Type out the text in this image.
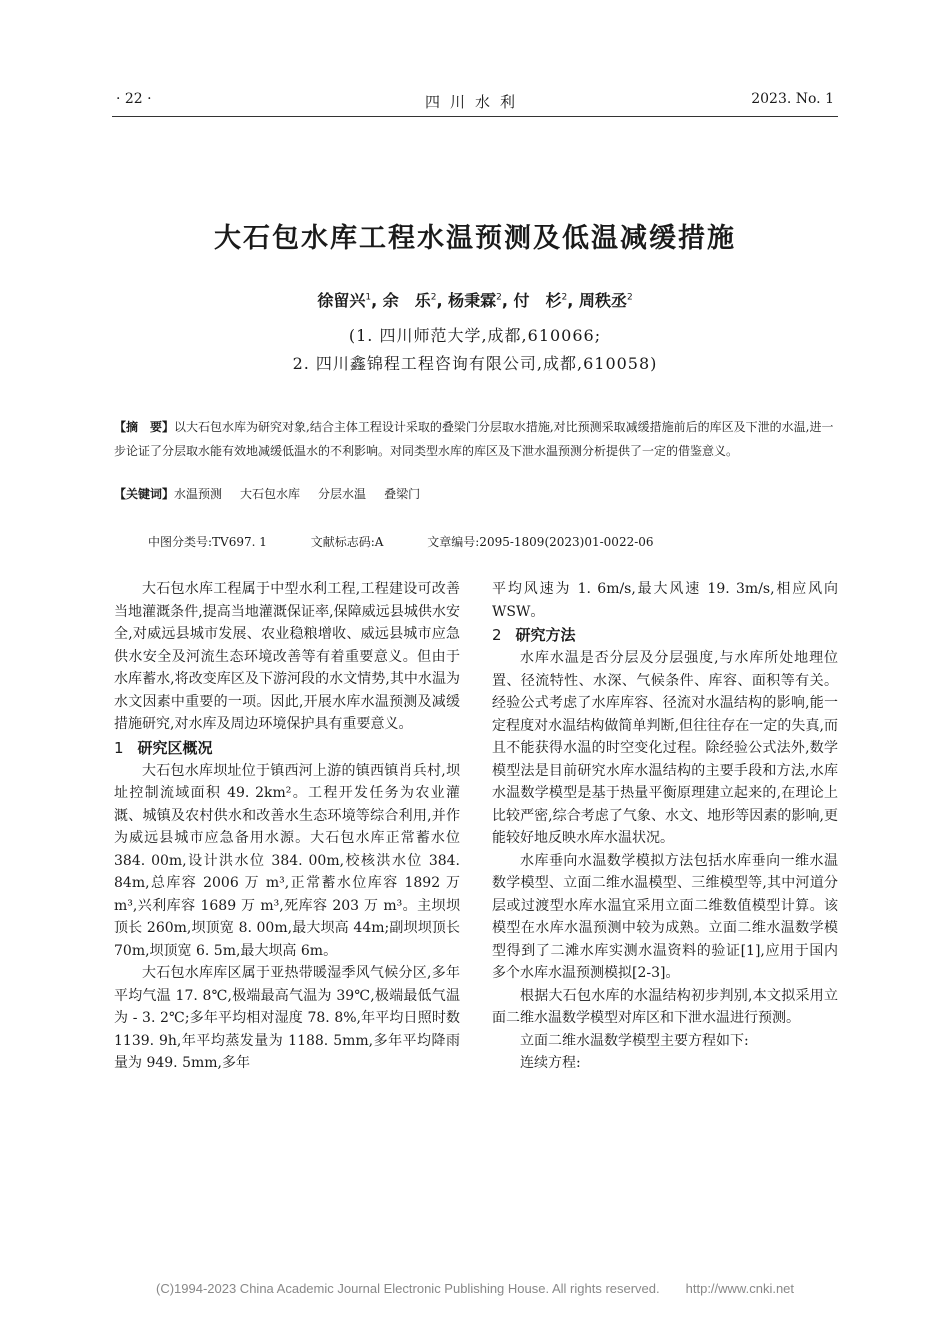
· 22 ·	四川水利	2023. No. 1
大石包水库工程水温预测及低温减缓措施
徐留兴$^1$, 余　乐$^2$, 杨秉霖$^2$, 付　杉$^2$, 周秩丞$^2$
(1. 四川师范大学,成都,610066;
2. 四川鑫锦程工程咨询有限公司,成都,610058)
【摘　要】以大石包水库为研究对象,结合主体工程设计采取的叠梁门分层取水措施,对比预测采取减缓措施前后的库区及下泄的水温,进一步论证了分层取水能有效地减缓低温水的不利影响。对同类型水库的库区及下泄水温预测分析提供了一定的借鉴意义。
【关键词】水温预测 大石包水库 分层水温 叠梁门
中图分类号:TV697. 1	文献标志码:A	文章编号:2095-1809(2023)01-0022-06

大石包水库工程属于中型水利工程,工程建设可改善当地灌溉条件,提高当地灌溉保证率,保障威远县城供水安全,对威远县城市发展、农业稳粮增收、威远县城市应急供水安全及河流生态环境改善等有着重要意义。但由于水库蓄水,将改变库区及下游河段的水文情势,其中水温为水文因素中重要的一项。因此,开展水库水温预测及减缓措施研究,对水库及周边环境保护具有重要意义。

1 研究区概况

大石包水库坝址位于镇西河上游的镇西镇肖兵村,坝址控制流域面积 49. 2km²。工程开发任务为农业灌溉、城镇及农村供水和改善水生态环境等综合利用,并作为威远县城市应急备用水源。大石包水库正常蓄水位 384. 00m,设计洪水位 384. 00m,校核洪水位 384. 84m,总库容 2006 万 m³,正常蓄水位库容 1892 万 m³,兴利库容 1689 万 m³,死库容 203 万 m³。主坝坝顶长 260m,坝顶宽 8. 00m,最大坝高 44m;副坝坝顶长 70m,坝顶宽 6. 5m,最大坝高 6m。

大石包水库库区属于亚热带暖湿季风气候分区,多年平均气温 17. 8℃,极端最高气温为 39℃,极端最低气温为 - 3. 2℃;多年平均相对湿度 78. 8%,年平均日照时数 1139. 9h,年平均蒸发量为 1188. 5mm,多年平均降雨量为 949. 5mm,多年

平均风速为 1. 6m/s,最大风速 19. 3m/s,相应风向 WSW。

2 研究方法

水库水温是否分层及分层强度,与水库所处地理位置、径流特性、水深、气候条件、库容、面积等有关。经验公式考虑了水库库容、径流对水温结构的影响,能一定程度对水温结构做简单判断,但往往存在一定的失真,而且不能获得水温的时空变化过程。除经验公式法外,数学模型法是目前研究水库水温结构的主要手段和方法,水库水温数学模型是基于热量平衡原理建立起来的,在理论上比较严密,综合考虑了气象、水文、地形等因素的影响,更能较好地反映水库水温状况。

水库垂向水温数学模拟方法包括水库垂向一维水温数学模型、立面二维水温模型、三维模型等,其中河道分层或过渡型水库水温宜采用立面二维数值模型计算。该模型在水库水温预测中较为成熟。立面二维水温数学模型得到了二滩水库实测水温资料的验证[1],应用于国内多个水库水温预测模拟[2-3]。

根据大石包水库的水温结构初步判别,本文拟采用立面二维水温数学模型对库区和下泄水温进行预测。

立面二维水温数学模型主要方程如下:

连续方程:

(C)1994-2023 China Academic Journal Electronic Publishing House. All rights reserved.　　http://www.cnki.net
